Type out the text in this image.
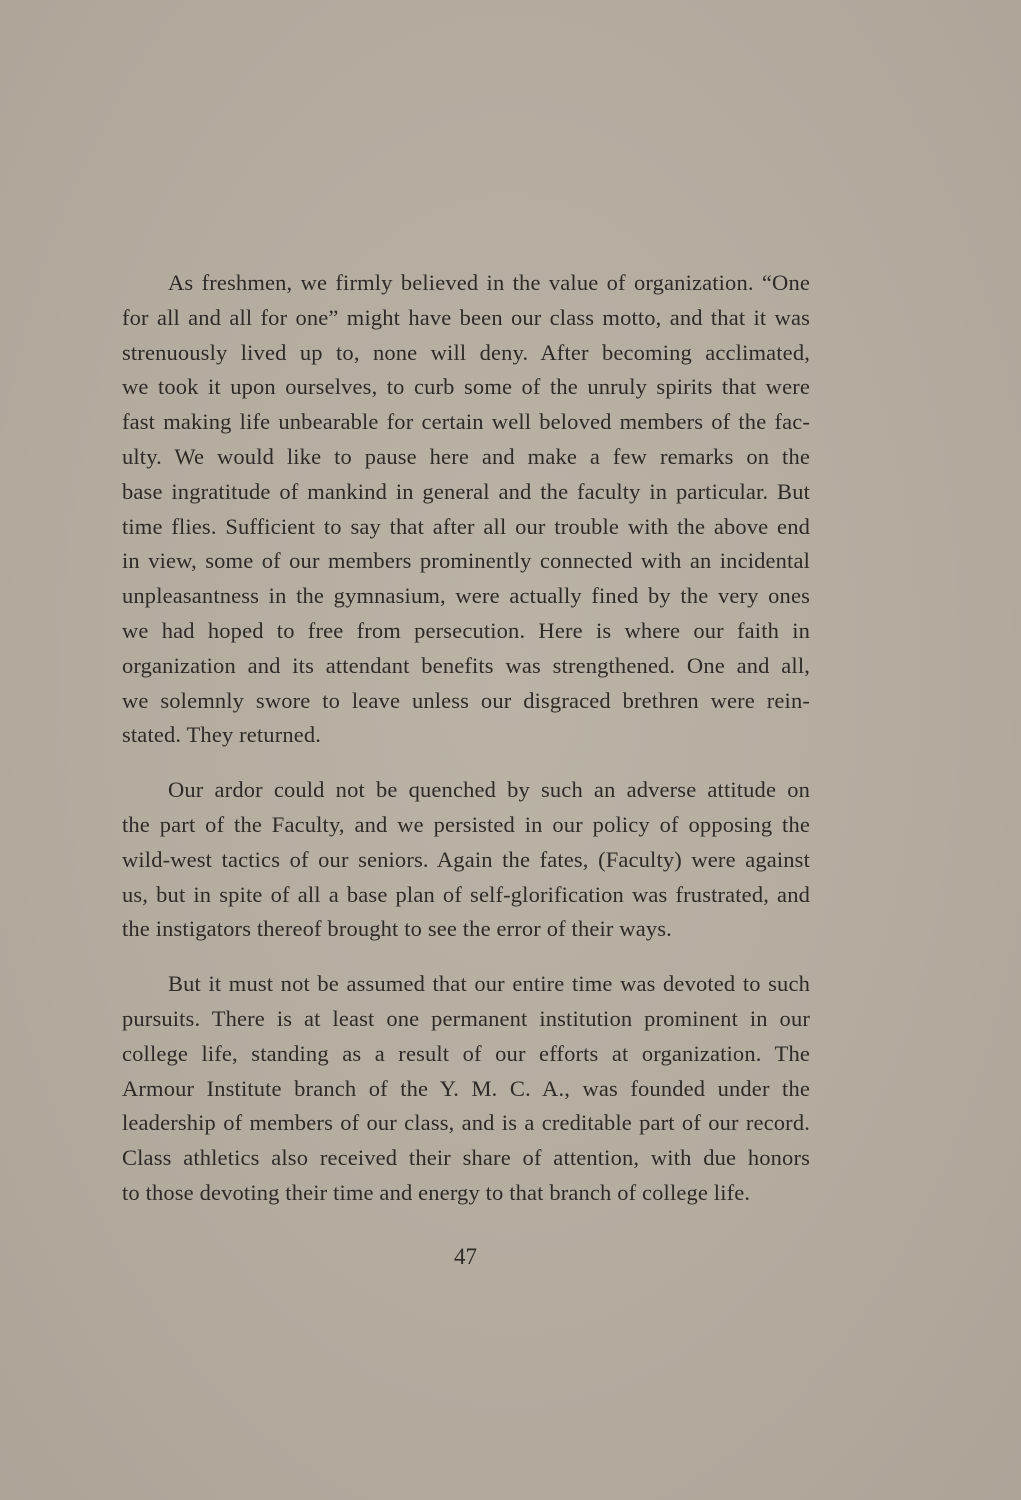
As freshmen, we firmly believed in the value of organization. “One
for all and all for one” might have been our class motto, and that it was
strenuously lived up to, none will deny. After becoming acclimated,
we took it upon ourselves, to curb some of the unruly spirits that were
fast making life unbearable for certain well beloved members of the fac-
ulty. We would like to pause here and make a few remarks on the
base ingratitude of mankind in general and the faculty in particular. But
time flies. Sufficient to say that after all our trouble with the above end
in view, some of our members prominently connected with an incidental
unpleasantness in the gymnasium, were actually fined by the very ones
we had hoped to free from persecution. Here is where our faith in
organization and its attendant benefits was strengthened. One and all,
we solemnly swore to leave unless our disgraced brethren were rein-
stated. They returned.
Our ardor could not be quenched by such an adverse attitude on
the part of the Faculty, and we persisted in our policy of opposing the
wild-west tactics of our seniors. Again the fates, (Faculty) were against
us, but in spite of all a base plan of self-glorification was frustrated, and
the instigators thereof brought to see the error of their ways.
But it must not be assumed that our entire time was devoted to such
pursuits. There is at least one permanent institution prominent in our
college life, standing as a result of our efforts at organization. The
Armour Institute branch of the Y. M. C. A., was founded under the
leadership of members of our class, and is a creditable part of our record.
Class athletics also received their share of attention, with due honors
to those devoting their time and energy to that branch of college life.
47
